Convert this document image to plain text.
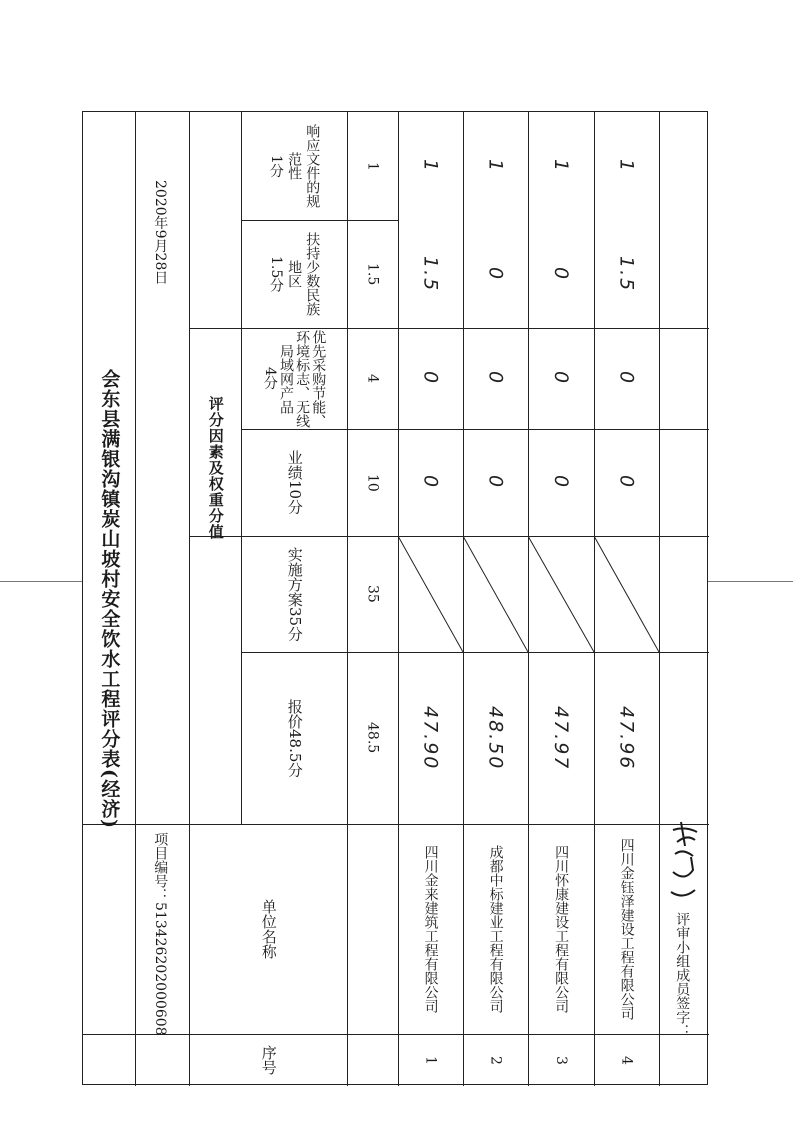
会东县满银沟镇炭山坡村安全饮水工程评分表(经济)
项目编号：513426202000608
2020年9月28日
评分因素及权重分值
序号
单位名称
报价48.5分
实施方案35分
业绩10分
优先采购节能、
环境标志、无线
局域网产品
4分
扶持少数民族
地区
1.5分
响应文件的规
范性
1分
48.5
35
10
4
1.5
1
1
四川金来建筑工程有限公司
47.90
0
0
1.5
1
2
成都中标建业工程有限公司
48.50
0
0
0
1
3
四川怀康建设工程有限公司
47.97
0
0
0
1
4
四川金钰泽建设工程有限公司
47.96
0
0
1.5
1
评审小组成员签字：
